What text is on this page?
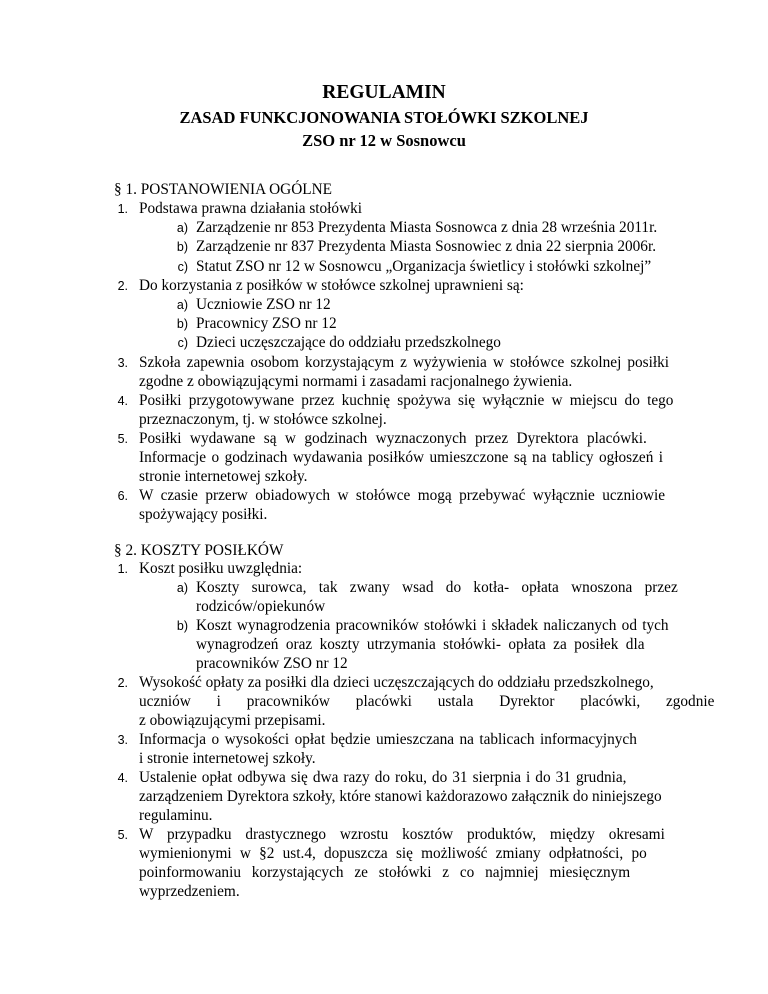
REGULAMIN
ZASAD FUNKCJONOWANIA STOŁÓWKI SZKOLNEJ
ZSO nr 12 w Sosnowcu
§ 1. POSTANOWIENIA OGÓLNE
1. Podstawa prawna działania stołówki
a) Zarządzenie nr 853 Prezydenta Miasta Sosnowca z dnia 28 września 2011r.
b) Zarządzenie nr 837 Prezydenta Miasta Sosnowiec z dnia 22 sierpnia 2006r.
c) Statut ZSO nr 12 w Sosnowcu „Organizacja świetlicy i stołówki szkolnej”
2. Do korzystania z posiłków w stołówce szkolnej uprawnieni są:
a) Uczniowie ZSO nr 12
b) Pracownicy ZSO nr 12
c) Dzieci uczęszczające do oddziału przedszkolnego
3. Szkoła zapewnia osobom korzystającym z wyżywienia w stołówce szkolnej posiłki
zgodne z obowiązującymi normami i zasadami racjonalnego żywienia.
4. Posiłki przygotowywane przez kuchnię spożywa się wyłącznie w miejscu do tego
przeznaczonym, tj. w stołówce szkolnej.
5. Posiłki wydawane są w godzinach wyznaczonych przez Dyrektora placówki.
Informacje o godzinach wydawania posiłków umieszczone są na tablicy ogłoszeń i
stronie internetowej szkoły.
6. W czasie przerw obiadowych w stołówce mogą przebywać wyłącznie uczniowie
spożywający posiłki.
§ 2. KOSZTY POSIŁKÓW
1. Koszt posiłku uwzględnia:
a) Koszty surowca, tak zwany wsad do kotła- opłata wnoszona przez
rodziców/opiekunów
b) Koszt wynagrodzenia pracowników stołówki i składek naliczanych od tych
wynagrodzeń oraz koszty utrzymania stołówki- opłata za posiłek dla
pracowników ZSO nr 12
2. Wysokość opłaty za posiłki dla dzieci uczęszczających do oddziału przedszkolnego,
uczniów i pracowników placówki ustala Dyrektor placówki, zgodnie
z obowiązującymi przepisami.
3. Informacja o wysokości opłat będzie umieszczana na tablicach informacyjnych
i stronie internetowej szkoły.
4. Ustalenie opłat odbywa się dwa razy do roku, do 31 sierpnia i do 31 grudnia,
zarządzeniem Dyrektora szkoły, które stanowi każdorazowo załącznik do niniejszego
regulaminu.
5. W przypadku drastycznego wzrostu kosztów produktów, między okresami
wymienionymi w §2 ust.4, dopuszcza się możliwość zmiany odpłatności, po
poinformowaniu korzystających ze stołówki z co najmniej miesięcznym
wyprzedzeniem.
